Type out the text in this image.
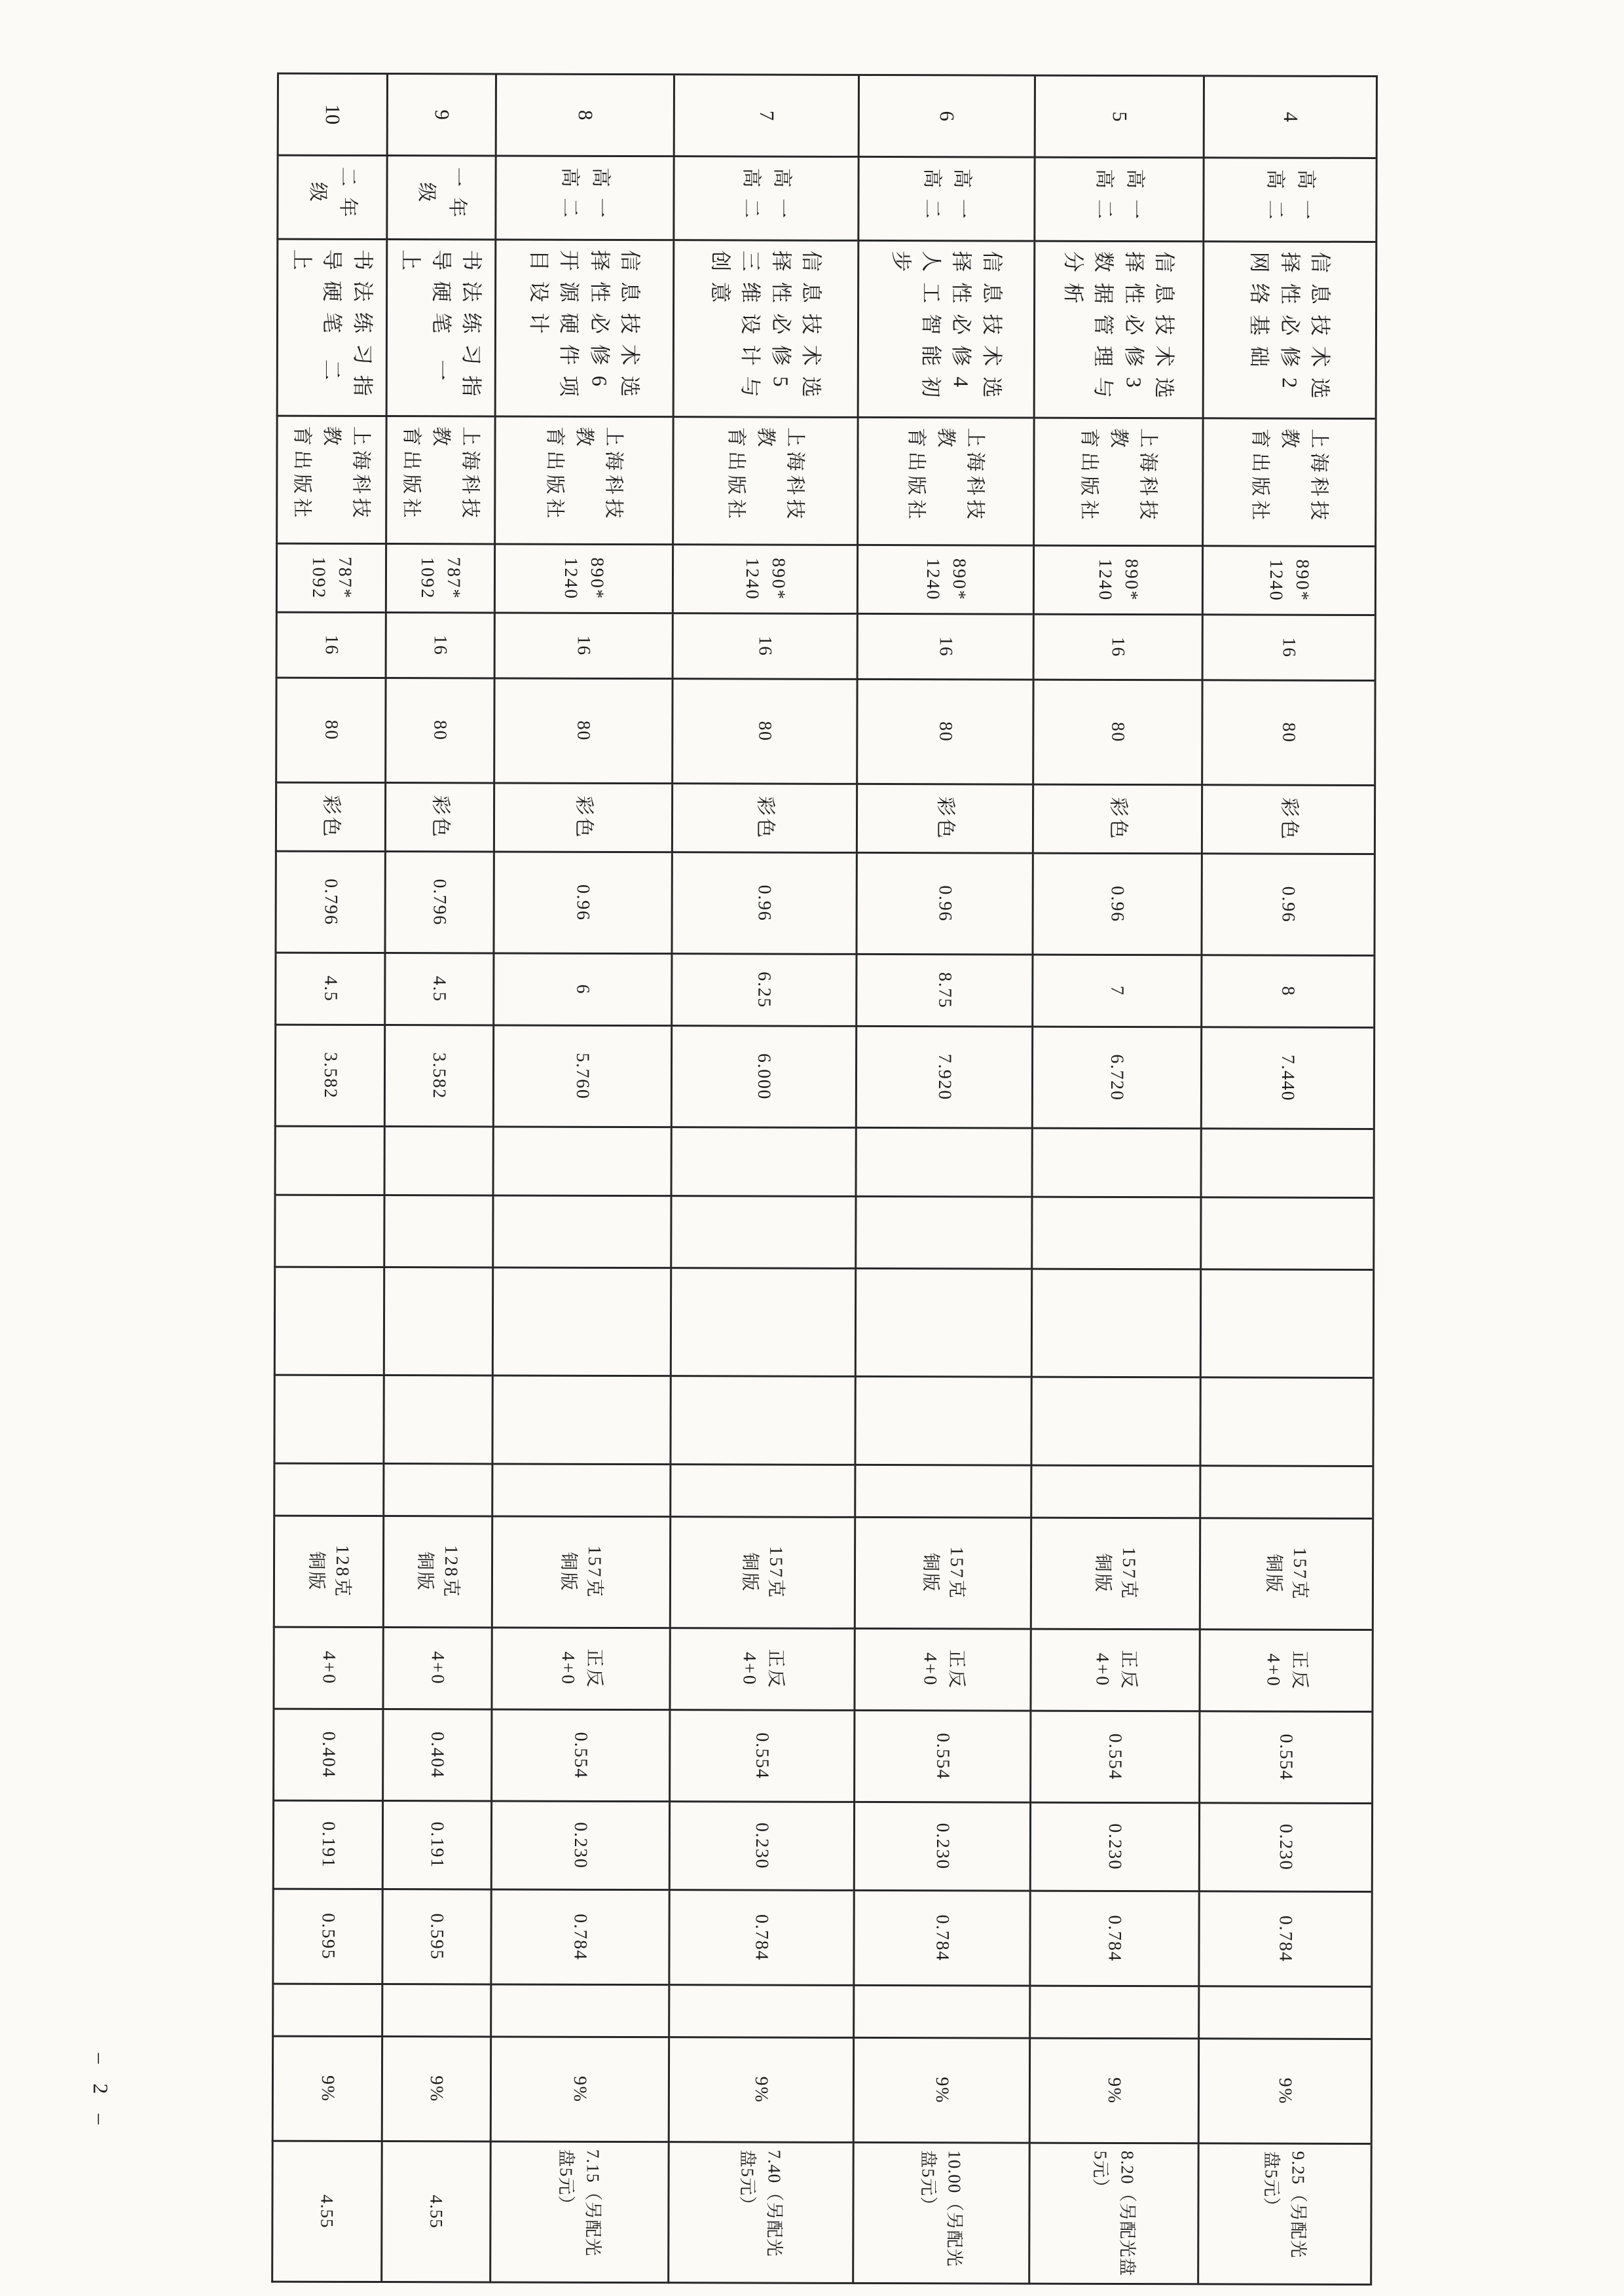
4
高一
高二
信息技术选
择性必修2
网络基础
上海科技教
育出版社
890*
1240
16
80
彩色
0.96
8
7.440
157克
铜版
正反
4+0
0.554
0.230
0.784
9%
9.25（另配光
盘5元）
5
高一
高二
信息技术选
择性必修3
数据管理与
分析
上海科技教
育出版社
890*
1240
16
80
彩色
0.96
7
6.720
157克
铜版
正反
4+0
0.554
0.230
0.784
9%
8.20（另配光盘
5元）
6
高一
高二
信息技术选
择性必修4
人工智能初
步
上海科技教
育出版社
890*
1240
16
80
彩色
0.96
8.75
7.920
157克
铜版
正反
4+0
0.554
0.230
0.784
9%
10.00（另配光
盘5元）
7
高一
高二
信息技术选
择性必修5
三维设计与
创意
上海科技教
育出版社
890*
1240
16
80
彩色
0.96
6.25
6.000
157克
铜版
正反
4+0
0.554
0.230
0.784
9%
7.40（另配光
盘5元）
8
高一
高二
信息技术选
择性必修6
开源硬件项
目设计
上海科技教
育出版社
890*
1240
16
80
彩色
0.96
6
5.760
157克
铜版
正反
4+0
0.554
0.230
0.784
9%
7.15（另配光
盘5元）
9
一年
级
书法练习指
导硬笔 一上
上海科技教
育出版社
787*
1092
16
80
彩色
0.796
4.5
3.582
128克
铜版
4+0
0.404
0.191
0.595
9%
4.55
10
二年
级
书法练习指
导硬笔 二上
上海科技教
育出版社
787*
1092
16
80
彩色
0.796
4.5
3.582
128克
铜版
4+0
0.404
0.191
0.595
9%
4.55
– 2 –
